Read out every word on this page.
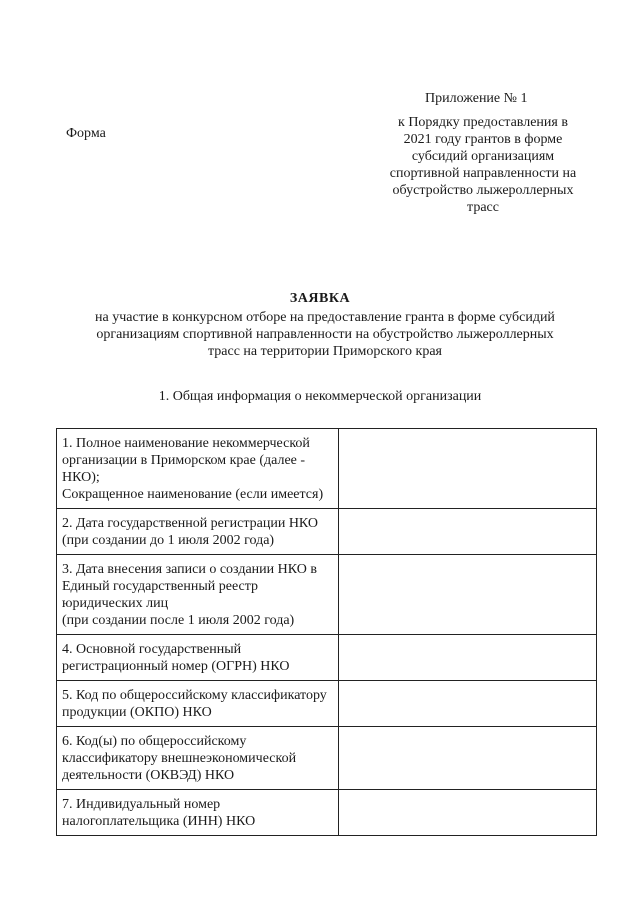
Приложение № 1
Форма
к Порядку предоставления в
2021 году грантов в форме
субсидий организациям
спортивной направленности на
обустройство лыжероллерных
трасс
ЗАЯВКА
на участие в конкурсном отборе на предоставление гранта в форме субсидий
организациям спортивной направленности на обустройство лыжероллерных
трасс на территории Приморского края
1. Общая информация о некоммерческой организации
1. Полное наименование некоммерческой
организации в Приморском крае (далее -
НКО);
Сокращенное наименование (если имеется)	

2. Дата государственной регистрации НКО
(при создании до 1 июля 2002 года)	

3. Дата внесения записи о создании НКО в
Единый государственный реестр
юридических лиц
(при создании после 1 июля 2002 года)	

4. Основной государственный
регистрационный номер (ОГРН) НКО	

5. Код по общероссийскому классификатору
продукции (ОКПО) НКО	

6. Код(ы) по общероссийскому
классификатору внешнеэкономической
деятельности (ОКВЭД) НКО	

7. Индивидуальный номер
налогоплательщика (ИНН) НКО	
